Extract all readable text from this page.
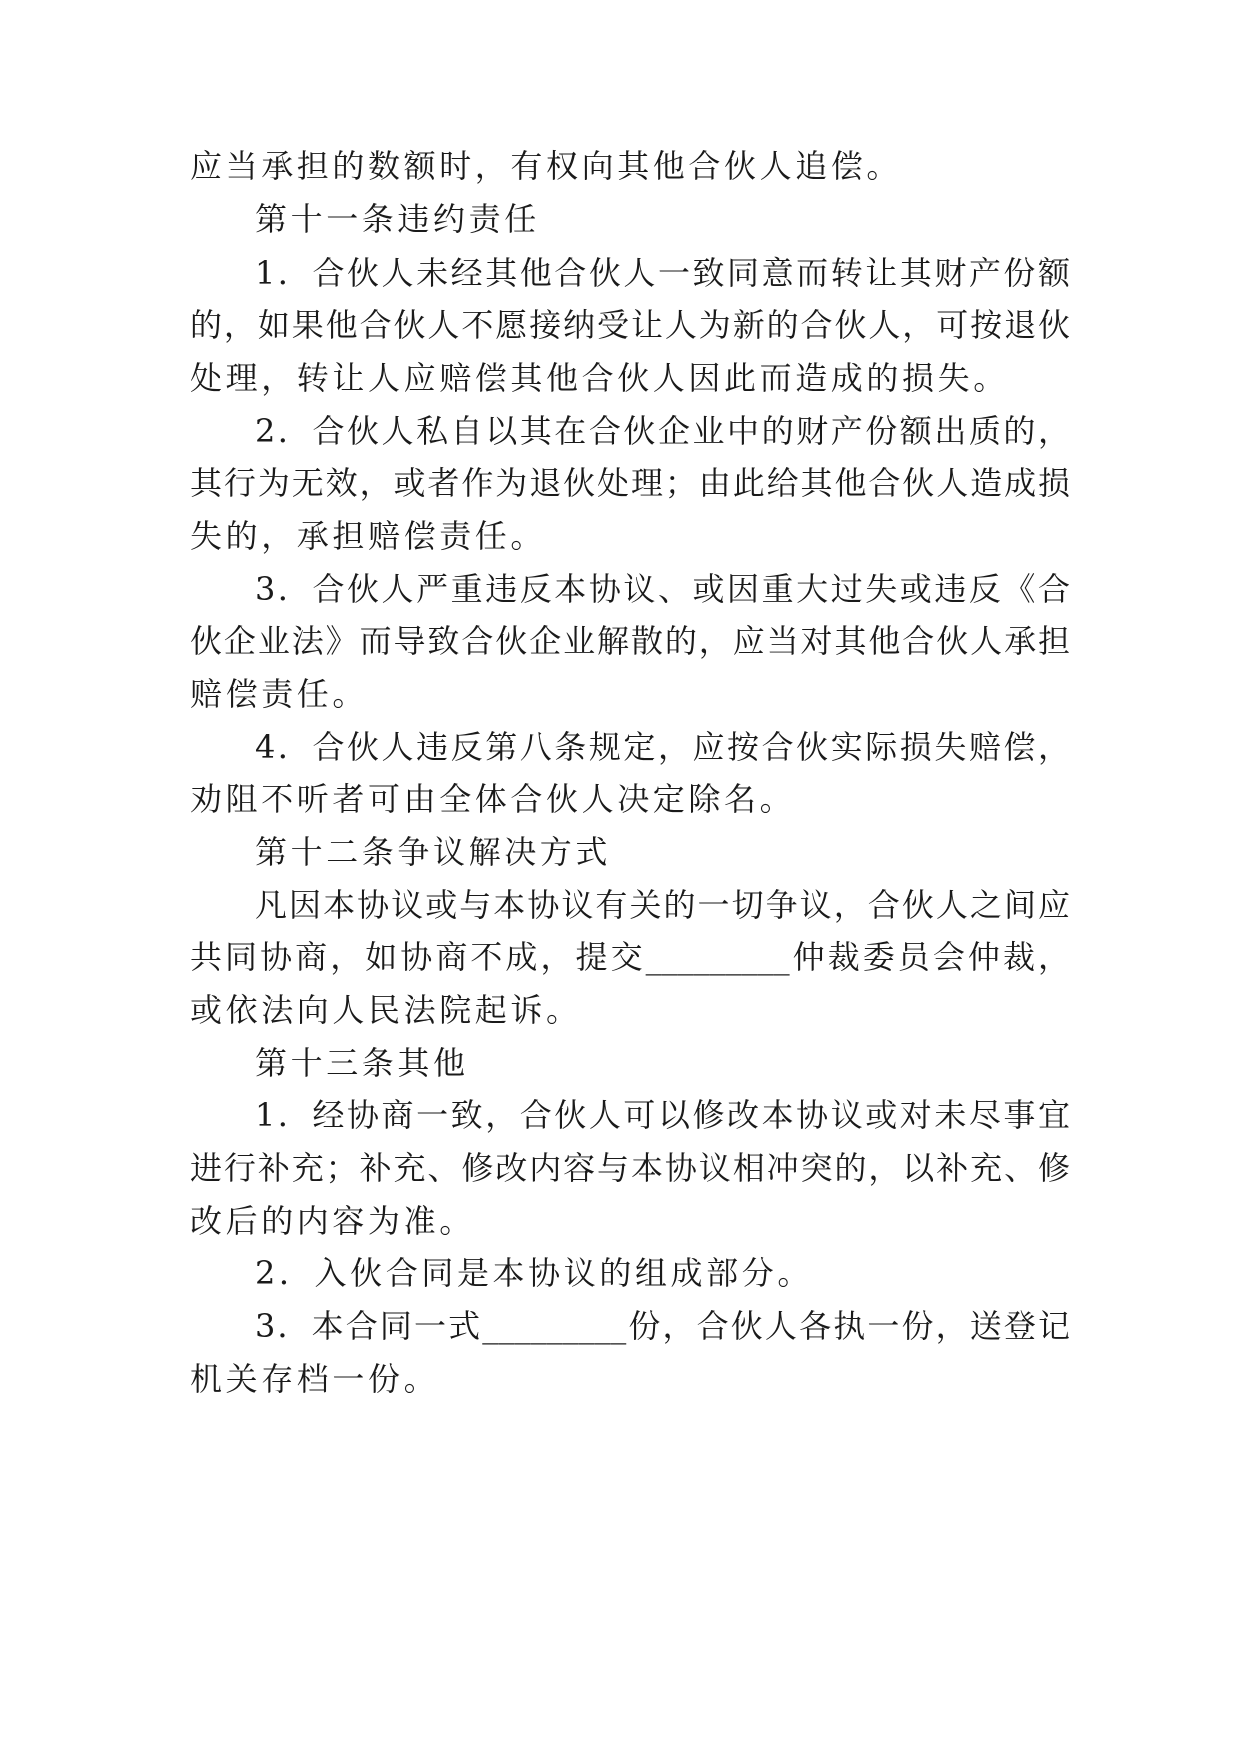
应当承担的数额时，有权向其他合伙人追偿。
第十一条违约责任
1．合伙人未经其他合伙人一致同意而转让其财产份额
的，如果他合伙人不愿接纳受让人为新的合伙人，可按退伙
处理，转让人应赔偿其他合伙人因此而造成的损失。
2．合伙人私自以其在合伙企业中的财产份额出质的，
其行为无效，或者作为退伙处理；由此给其他合伙人造成损
失的，承担赔偿责任。
3．合伙人严重违反本协议、或因重大过失或违反《合
伙企业法》而导致合伙企业解散的，应当对其他合伙人承担
赔偿责任。
4．合伙人违反第八条规定，应按合伙实际损失赔偿，
劝阻不听者可由全体合伙人决定除名。
第十二条争议解决方式
凡因本协议或与本协议有关的一切争议，合伙人之间应
共同协商，如协商不成，提交_________仲裁委员会仲裁，
或依法向人民法院起诉。
第十三条其他
1．经协商一致，合伙人可以修改本协议或对未尽事宜
进行补充；补充、修改内容与本协议相冲突的，以补充、修
改后的内容为准。
2．入伙合同是本协议的组成部分。
3．本合同一式_________份，合伙人各执一份，送登记
机关存档一份。
